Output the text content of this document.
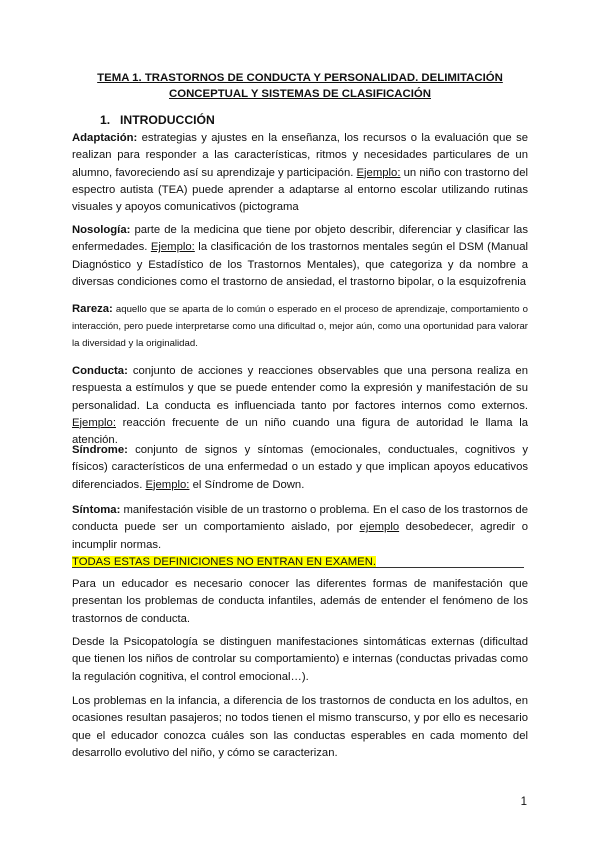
TEMA 1. TRASTORNOS DE CONDUCTA Y PERSONALIDAD. DELIMITACIÓN
CONCEPTUAL Y SISTEMAS DE CLASIFICACIÓN
1. INTRODUCCIÓN

Adaptación: estrategias y ajustes en la enseñanza, los recursos o la evaluación que se realizan para responder a las características, ritmos y necesidades particulares de un alumno, favoreciendo así su aprendizaje y participación. Ejemplo: un niño con trastorno del espectro autista (TEA) puede aprender a adaptarse al entorno escolar utilizando rutinas visuales y apoyos comunicativos (pictograma

Nosología: parte de la medicina que tiene por objeto describir, diferenciar y clasificar las enfermedades. Ejemplo: la clasificación de los trastornos mentales según el DSM (Manual Diagnóstico y Estadístico de los Trastornos Mentales), que categoriza y da nombre a diversas condiciones como el trastorno de ansiedad, el trastorno bipolar, o la esquizofrenia

Rareza: aquello que se aparta de lo común o esperado en el proceso de aprendizaje, comportamiento o interacción, pero puede interpretarse como una dificultad o, mejor aún, como una oportunidad para valorar la diversidad y la originalidad.

Conducta: conjunto de acciones y reacciones observables que una persona realiza en respuesta a estímulos y que se puede entender como la expresión y manifestación de su personalidad. La conducta es influenciada tanto por factores internos como externos. Ejemplo: reacción frecuente de un niño cuando una figura de autoridad le llama la atención.

Síndrome: conjunto de signos y síntomas (emocionales, conductuales, cognitivos y físicos) característicos de una enfermedad o un estado y que implican apoyos educativos diferenciados. Ejemplo: el Síndrome de Down.

Síntoma: manifestación visible de un trastorno o problema. En el caso de los trastornos de conducta puede ser un comportamiento aislado, por ejemplo desobedecer, agredir o incumplir normas.
TODAS ESTAS DEFINICIONES NO ENTRAN EN EXAMEN.

Para un educador es necesario conocer las diferentes formas de manifestación que presentan los problemas de conducta infantiles, además de entender el fenómeno de los trastornos de conducta.

Desde la Psicopatología se distinguen manifestaciones sintomáticas externas (dificultad que tienen los niños de controlar su comportamiento) e internas (conductas privadas como la regulación cognitiva, el control emocional…).

Los problemas en la infancia, a diferencia de los trastornos de conducta en los adultos, en ocasiones resultan pasajeros; no todos tienen el mismo transcurso, y por ello es necesario que el educador conozca cuáles son las conductas esperables en cada momento del desarrollo evolutivo del niño, y cómo se caracterizan.

1
